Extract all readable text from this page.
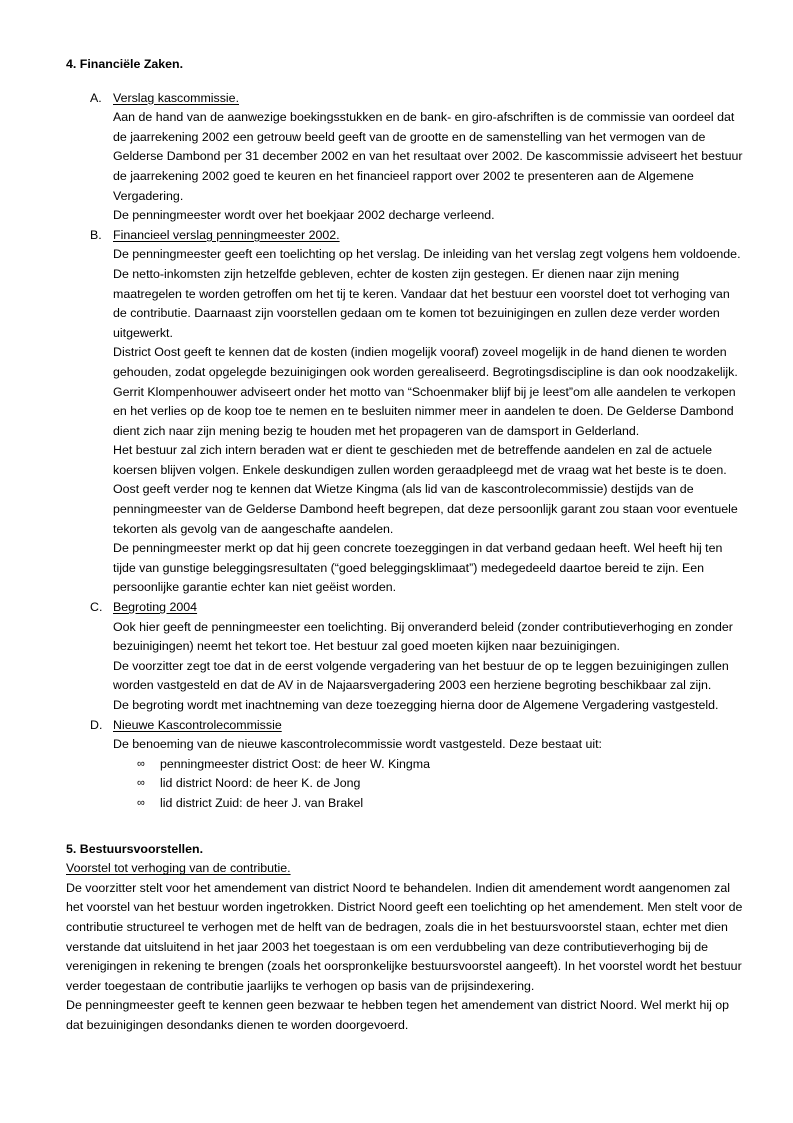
4. Financiële Zaken.
A. Verslag kascommissie.

Aan de hand van de aanwezige boekingsstukken en de bank- en giro-afschriften is de commissie van oordeel dat de jaarrekening 2002 een getrouw beeld geeft van de grootte en de samenstelling van het vermogen van de Gelderse Dambond per 31 december 2002 en van het resultaat over 2002. De kascommissie adviseert het bestuur de jaarrekening 2002 goed te keuren en het financieel rapport over 2002 te presenteren aan de Algemene Vergadering.

De penningmeester wordt over het boekjaar 2002 decharge verleend.

B. Financieel verslag penningmeester 2002.

De penningmeester geeft een toelichting op het verslag. De inleiding van het verslag zegt volgens hem voldoende. De netto-inkomsten zijn hetzelfde gebleven, echter de kosten zijn gestegen. Er dienen naar zijn mening maatregelen te worden getroffen om het tij te keren. Vandaar dat het bestuur een voorstel doet tot verhoging van de contributie. Daarnaast zijn voorstellen gedaan om te komen tot bezuinigingen en zullen deze verder worden uitgewerkt.

District Oost geeft te kennen dat de kosten (indien mogelijk vooraf) zoveel mogelijk in de hand dienen te worden gehouden, zodat opgelegde bezuinigingen ook worden gerealiseerd. Begrotingsdiscipline is dan ook noodzakelijk.

Gerrit Klompenhouwer adviseert onder het motto van “Schoenmaker blijf bij je leest”om alle aandelen te verkopen en het verlies op de koop toe te nemen en te besluiten nimmer meer in aandelen te doen. De Gelderse Dambond dient zich naar zijn mening bezig te houden met het propageren van de damsport in Gelderland.

Het bestuur zal zich intern beraden wat er dient te geschieden met de betreffende aandelen en zal de actuele koersen blijven volgen. Enkele deskundigen zullen worden geraadpleegd met de vraag wat het beste is te doen. Oost geeft verder nog te kennen dat Wietze Kingma (als lid van de kascontrolecommissie) destijds van de penningmeester van de Gelderse Dambond heeft begrepen, dat deze persoonlijk garant zou staan voor eventuele tekorten als gevolg van de aangeschafte aandelen.

De penningmeester merkt op dat hij geen concrete toezeggingen in dat verband gedaan heeft. Wel heeft hij ten tijde van gunstige beleggingsresultaten (“goed beleggingsklimaat”) medegedeeld daartoe bereid te zijn. Een persoonlijke garantie echter kan niet geëist worden.

C. Begroting 2004

Ook hier geeft de penningmeester een toelichting. Bij onveranderd beleid (zonder contributieverhoging en zonder bezuinigingen) neemt het tekort toe. Het bestuur zal goed moeten kijken naar bezuinigingen.

De voorzitter zegt toe dat in de eerst volgende vergadering van het bestuur de op te leggen bezuinigingen zullen worden vastgesteld en dat de AV in de Najaarsvergadering 2003 een herziene begroting beschikbaar zal zijn.

De begroting wordt met inachtneming van deze toezegging hierna door de Algemene Vergadering vastgesteld.

D. Nieuwe Kascontrolecommissie

De benoeming van de nieuwe kascontrolecommissie wordt vastgesteld. Deze bestaat uit:

∞ penningmeester district Oost: de heer W. Kingma
∞ lid district Noord: de heer K. de Jong
∞ lid district Zuid: de heer J. van Brakel
5. Bestuursvoorstellen.
Voorstel tot verhoging van de contributie.

De voorzitter stelt voor het amendement van district Noord te behandelen. Indien dit amendement wordt aangenomen zal het voorstel van het bestuur worden ingetrokken. District Noord geeft een toelichting op het amendement. Men stelt voor de contributie structureel te verhogen met de helft van de bedragen, zoals die in het bestuursvoorstel staan, echter met dien verstande dat uitsluitend in het jaar 2003 het toegestaan is om een verdubbeling van deze contributieverhoging bij de verenigingen in rekening te brengen (zoals het oorspronkelijke bestuursvoorstel aangeeft). In het voorstel wordt het bestuur verder toegestaan de contributie jaarlijks te verhogen op basis van de prijsindexering.

De penningmeester geeft te kennen geen bezwaar te hebben tegen het amendement van district Noord. Wel merkt hij op dat bezuinigingen desondanks dienen te worden doorgevoerd.
